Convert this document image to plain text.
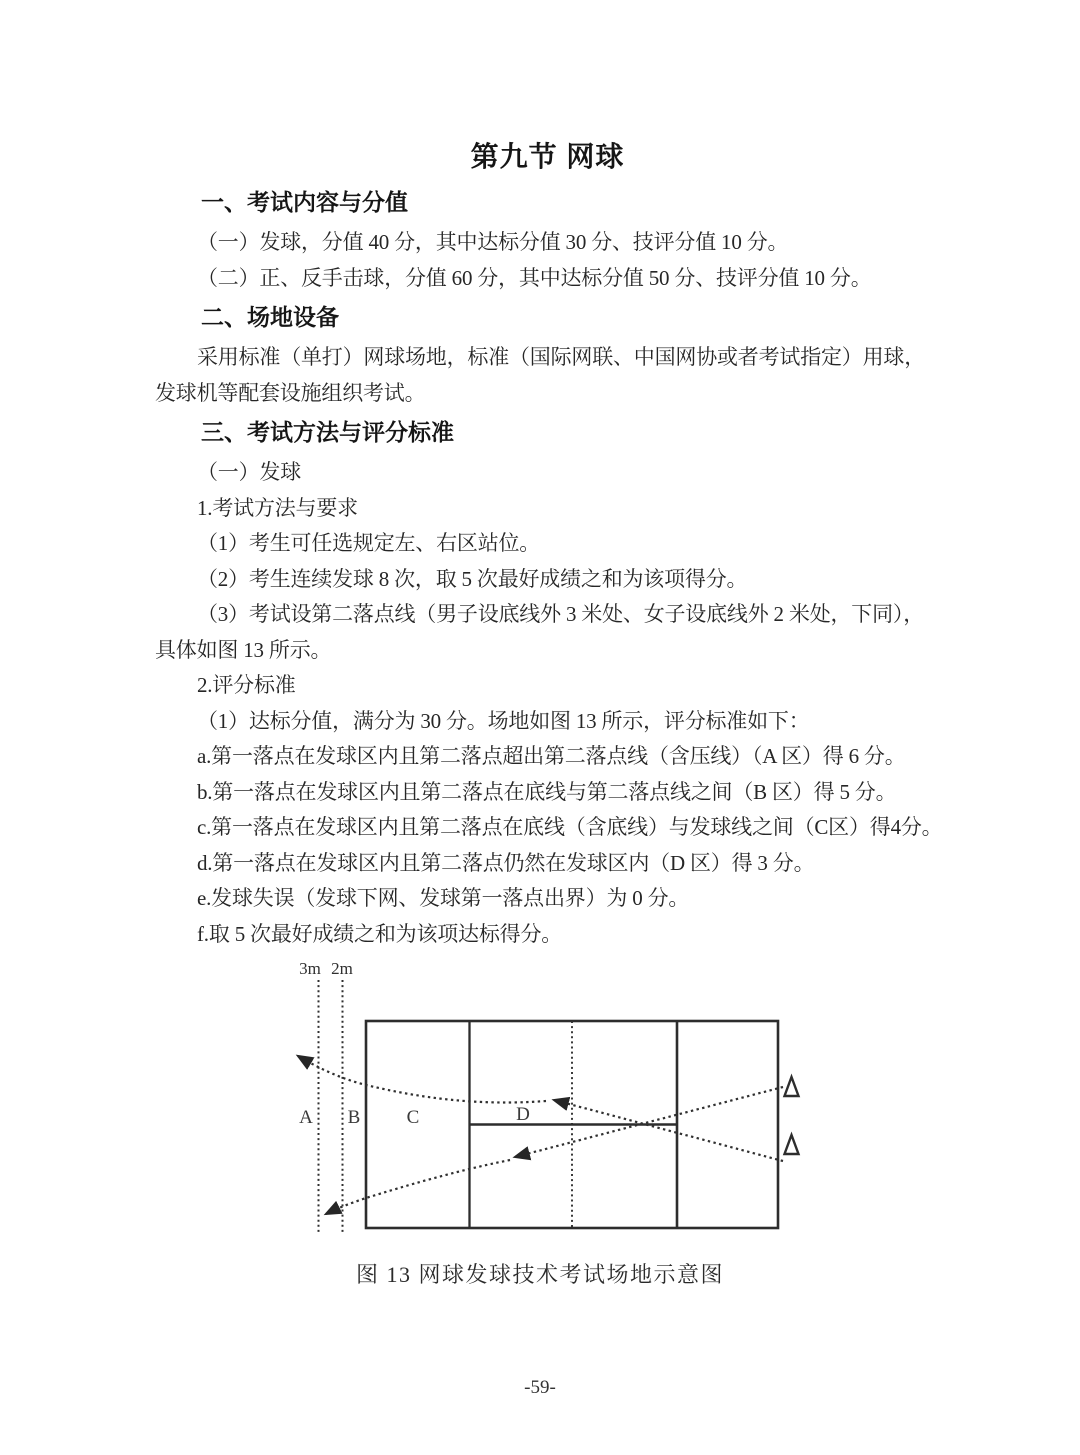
第九节 网球
一、考试内容与分值

（一）发球，分值 40 分，其中达标分值 30 分、技评分值 10 分。

（二）正、反手击球，分值 60 分，其中达标分值 50 分、技评分值 10 分。

二、场地设备

采用标准（单打）网球场地，标准（国际网联、中国网协或者考试指定）用球，

发球机等配套设施组织考试。

三、考试方法与评分标准

（一）发球

1.考试方法与要求

（1）考生可任选规定左、右区站位。

（2）考生连续发球 8 次，取 5 次最好成绩之和为该项得分。

（3）考试设第二落点线（男子设底线外 3 米处、女子设底线外 2 米处，下同），

具体如图 13 所示。

2.评分标准

（1）达标分值，满分为 30 分。场地如图 13 所示，评分标准如下：

a.第一落点在发球区内且第二落点超出第二落点线（含压线）（A 区）得 6 分。

b.第一落点在发球区内且第二落点在底线与第二落点线之间（B 区）得 5 分。

c.第一落点在发球区内且第二落点在底线（含底线）与发球线之间（C区）得4分。

d.第一落点在发球区内且第二落点仍然在发球区内（D 区）得 3 分。

e.发球失误（发球下网、发球第一落点出界）为 0 分。

f.取 5 次最好成绩之和为该项达标得分。

3m 2m
A B C	D
图 13 网球发球技术考试场地示意图
-59-
